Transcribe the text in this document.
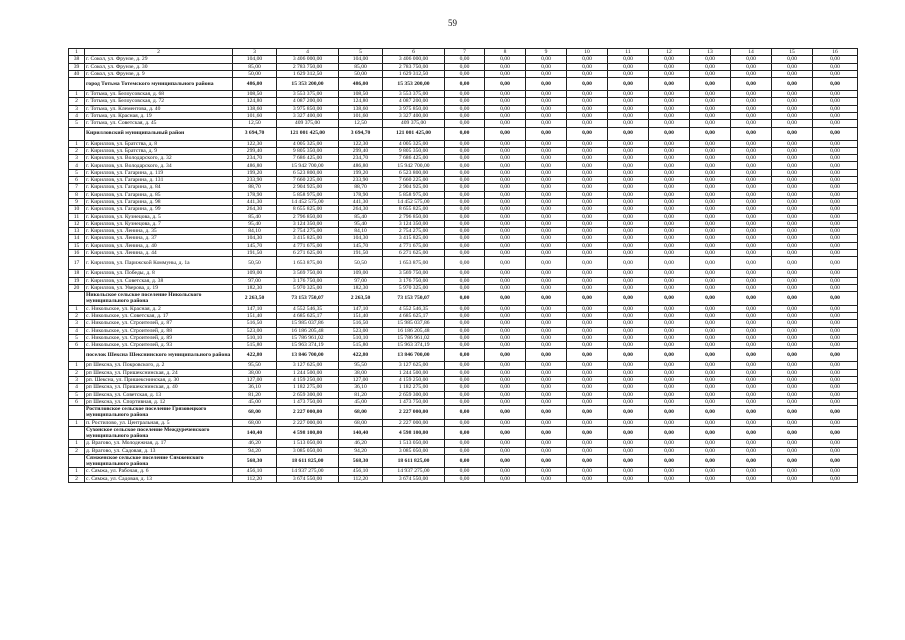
59
1	2	3	4	5	6	7	8	9	10	11	12	13	14	15	16
38	г. Сокол, ул. Фрунзе, д. 29	104,00	3 406 000,00	104,00	3 406 000,00	0,00	0,00	0,00	0,00	0,00	0,00	0,00	0,00	0,00	0,00
39	г. Сокол, ул. Фрунзе, д. 30	85,00	2 783 750,00	85,00	2 783 750,00	0,00	0,00	0,00	0,00	0,00	0,00	0,00	0,00	0,00	0,00
40	г. Сокол, ул. Фрунзе, д. 9	50,00	1 629 312,50	50,00	1 629 312,50	0,00	0,00	0,00	0,00	0,00	0,00	0,00	0,00	0,00	0,00
	город Тотьма Тотемского муниципального района	486,00	15 353 200,00	486,00	15 353 200,00	0,00	0,00	0,00	0,00	0,00	0,00	0,00	0,00	0,00	0,00
1	г. Тотьма, ул. Белоусовская, д. 68	108,50	3 553 375,00	108,50	3 553 375,00	0,00	0,00	0,00	0,00	0,00	0,00	0,00	0,00	0,00	0,00
2	г. Тотьма, ул. Белоусовская, д. 72	124,80	4 087 200,00	124,80	4 087 200,00	0,00	0,00	0,00	0,00	0,00	0,00	0,00	0,00	0,00	0,00
3	г. Тотьма, ул. Клементова, д. 40	138,60	3 975 850,00	138,60	3 975 850,00	0,00	0,00	0,00	0,00	0,00	0,00	0,00	0,00	0,00	0,00
4	г. Тотьма, ул. Красная, д. 19	101,60	3 327 400,00	101,60	3 327 400,00	0,00	0,00	0,00	0,00	0,00	0,00	0,00	0,00	0,00	0,00
5	г. Тотьма, ул. Советская, д. 45	12,50	409 375,00	12,50	409 375,00	0,00	0,00	0,00	0,00	0,00	0,00	0,00	0,00	0,00	0,00
	Кирилловский муниципальный район	3 694,70	121 001 425,00	3 694,70	121 001 425,00	0,00	0,00	0,00	0,00	0,00	0,00	0,00	0,00	0,00	0,00
1	г. Кириллов, ул. Братства, д. 8	122,30	4 005 325,00	122,30	4 005 325,00	0,00	0,00	0,00	0,00	0,00	0,00	0,00	0,00	0,00	0,00
2	г. Кириллов, ул. Братства, д. 9	299,40	9 805 350,00	299,40	9 805 350,00	0,00	0,00	0,00	0,00	0,00	0,00	0,00	0,00	0,00	0,00
3	г. Кириллов, ул. Володарского, д. 32	234,70	7 686 425,00	234,70	7 686 425,00	0,00	0,00	0,00	0,00	0,00	0,00	0,00	0,00	0,00	0,00
4	г. Кириллов, ул. Володарского, д. 34	486,80	15 942 700,00	486,80	15 942 700,00	0,00	0,00	0,00	0,00	0,00	0,00	0,00	0,00	0,00	0,00
5	г. Кириллов, ул. Гагарина, д. 119	199,20	6 523 800,00	199,20	6 523 800,00	0,00	0,00	0,00	0,00	0,00	0,00	0,00	0,00	0,00	0,00
6	г. Кириллов, ул. Гагарина, д. 131	233,90	7 660 225,00	233,90	7 660 225,00	0,00	0,00	0,00	0,00	0,00	0,00	0,00	0,00	0,00	0,00
7	г. Кириллов, ул. Гагарина, д. 84	88,70	2 904 925,00	88,70	2 904 925,00	0,00	0,00	0,00	0,00	0,00	0,00	0,00	0,00	0,00	0,00
8	г. Кириллов, ул. Гагарина, д. 85	178,90	5 858 975,00	178,90	5 858 975,00	0,00	0,00	0,00	0,00	0,00	0,00	0,00	0,00	0,00	0,00
9	г. Кириллов, ул. Гагарина, д. 98	441,30	14 452 575,00	441,30	14 452 575,00	0,00	0,00	0,00	0,00	0,00	0,00	0,00	0,00	0,00	0,00
10	г. Кириллов, ул. Гагарина, д. 99	264,30	8 655 825,00	264,30	8 655 825,00	0,00	0,00	0,00	0,00	0,00	0,00	0,00	0,00	0,00	0,00
11	г. Кириллов, ул. Кузнецова, д. 5	85,40	2 796 850,00	85,40	2 796 850,00	0,00	0,00	0,00	0,00	0,00	0,00	0,00	0,00	0,00	0,00
12	г. Кириллов, ул. Кузнецова, д. 7	95,40	3 124 350,00	95,40	3 124 350,00	0,00	0,00	0,00	0,00	0,00	0,00	0,00	0,00	0,00	0,00
13	г. Кириллов, ул. Ленина, д. 35	84,10	2 754 275,00	84,10	2 754 275,00	0,00	0,00	0,00	0,00	0,00	0,00	0,00	0,00	0,00	0,00
14	г. Кириллов, ул. Ленина, д. 37	104,30	3 415 825,00	104,30	3 415 825,00	0,00	0,00	0,00	0,00	0,00	0,00	0,00	0,00	0,00	0,00
15	г. Кириллов, ул. Ленина, д. 40	145,70	4 771 675,00	145,70	4 771 675,00	0,00	0,00	0,00	0,00	0,00	0,00	0,00	0,00	0,00	0,00
16	г. Кириллов, ул. Ленина, д. 44	191,50	6 271 625,00	191,50	6 271 625,00	0,00	0,00	0,00	0,00	0,00	0,00	0,00	0,00	0,00	0,00
17	г. Кириллов, ул. Парижской Коммуны, д. 1а	50,50	1 653 875,00	50,50	1 653 875,00	0,00	0,00	0,00	0,00	0,00	0,00	0,00	0,00	0,00	0,00
18	г. Кириллов, ул. Победы, д. 8	109,00	3 569 750,00	109,00	3 569 750,00	0,00	0,00	0,00	0,00	0,00	0,00	0,00	0,00	0,00	0,00
19	г. Кириллов, ул. Советская, д. 38	97,00	3 176 750,00	97,00	3 176 750,00	0,00	0,00	0,00	0,00	0,00	0,00	0,00	0,00	0,00	0,00
20	г. Кириллов, ул. Уверова, д. 19	182,30	5 970 325,00	182,30	5 970 325,00	0,00	0,00	0,00	0,00	0,00	0,00	0,00	0,00	0,00	0,00
	Никольское сельское поселение Никольского муниципального района	2 263,50	73 153 750,07	2 263,50	73 153 750,07	0,00	0,00	0,00	0,00	0,00	0,00	0,00	0,00	0,00	0,00
1	с. Никольское, ул. Красная, д. 2	147,10	4 552 546,35	147,10	4 552 546,35	0,00	0,00	0,00	0,00	0,00	0,00	0,00	0,00	0,00	0,00
2	с. Никольское, ул. Советская, д. 17	151,40	4 685 625,17	151,40	4 685 625,17	0,00	0,00	0,00	0,00	0,00	0,00	0,00	0,00	0,00	0,00
3	с. Никольское, ул. Строителей, д. 87	516,50	15 985 037,86	516,50	15 985 037,86	0,00	0,00	0,00	0,00	0,00	0,00	0,00	0,00	0,00	0,00
4	с. Никольское, ул. Строителей, д. 88	523,00	16 186 205,48	523,00	16 186 205,48	0,00	0,00	0,00	0,00	0,00	0,00	0,00	0,00	0,00	0,00
5	с. Никольское, ул. Строителей, д. 89	510,10	15 786 961,02	510,10	15 786 961,02	0,00	0,00	0,00	0,00	0,00	0,00	0,00	0,00	0,00	0,00
6	с. Никольское, ул. Строителей, д. 93	515,80	15 963 374,19	515,80	15 963 374,19	0,00	0,00	0,00	0,00	0,00	0,00	0,00	0,00	0,00	0,00
	поселок Шексна Шекснинского муниципального района	422,80	13 846 700,00	422,80	13 846 700,00	0,00	0,00	0,00	0,00	0,00	0,00	0,00	0,00	0,00	0,00
1	рп Шексна, ул. Покровского, д. 2	95,50	3 127 625,00	95,50	3 127 625,00	0,00	0,00	0,00	0,00	0,00	0,00	0,00	0,00	0,00	0,00
2	рп Шексна, ул. Пришекснинская, д. 24	38,00	1 244 500,00	38,00	1 244 500,00	0,00	0,00	0,00	0,00	0,00	0,00	0,00	0,00	0,00	0,00
3	рп. Шексна, ул. Пришекснинская, д. 30	127,00	4 159 250,00	127,00	4 159 250,00	0,00	0,00	0,00	0,00	0,00	0,00	0,00	0,00	0,00	0,00
4	рп Шексна, ул. Пришекснинская, д. 40	36,10	1 182 275,00	36,10	1 182 275,00	0,00	0,00	0,00	0,00	0,00	0,00	0,00	0,00	0,00	0,00
5	рп Шексна, ул. Советская, д. 13	81,20	2 659 300,00	81,20	2 659 300,00	0,00	0,00	0,00	0,00	0,00	0,00	0,00	0,00	0,00	0,00
6	рп Шексна, ул. Спортивная, д. 12	45,00	1 473 750,00	45,00	1 473 750,00	0,00	0,00	0,00	0,00	0,00	0,00	0,00	0,00	0,00	0,00
	Ростиловское сельское поселение Грязовецкого муниципального района	68,00	2 227 000,00	68,00	2 227 000,00	0,00	0,00	0,00	0,00	0,00	0,00	0,00	0,00	0,00	0,00
1	п. Ростилово, ул. Центральная, д. 5	68,00	2 227 000,00	68,00	2 227 000,00	0,00	0,00	0,00	0,00	0,00	0,00	0,00	0,00	0,00	0,00
	Сухонское сельское поселение Междуреченского муниципального района	140,40	4 598 100,00	140,40	4 598 100,00	0,00	0,00	0,00	0,00	0,00	0,00	0,00	0,00	0,00	0,00
1	д. Врагово, ул. Молодежная, д. 17	46,20	1 513 050,00	46,20	1 513 050,00	0,00	0,00	0,00	0,00	0,00	0,00	0,00	0,00	0,00	0,00
2	д. Врагово, ул. Садовая, д. 13	94,20	3 085 050,00	94,20	3 085 050,00	0,00	0,00	0,00	0,00	0,00	0,00	0,00	0,00	0,00	0,00
	Сямженское сельское поселение Сямженского муниципального района	568,30	18 611 825,00	568,30	18 611 825,00	0,00	0,00	0,00	0,00	0,00	0,00	0,00	0,00	0,00	0,00
1	с. Сямжа, ул. Рабочая, д. 6	456,10	14 937 275,00	456,10	14 937 275,00	0,00	0,00	0,00	0,00	0,00	0,00	0,00	0,00	0,00	0,00
2	с. Сямжа, ул. Садовая, д. 13	112,20	3 674 550,00	112,20	3 674 550,00	0,00	0,00	0,00	0,00	0,00	0,00	0,00	0,00	0,00	0,00
